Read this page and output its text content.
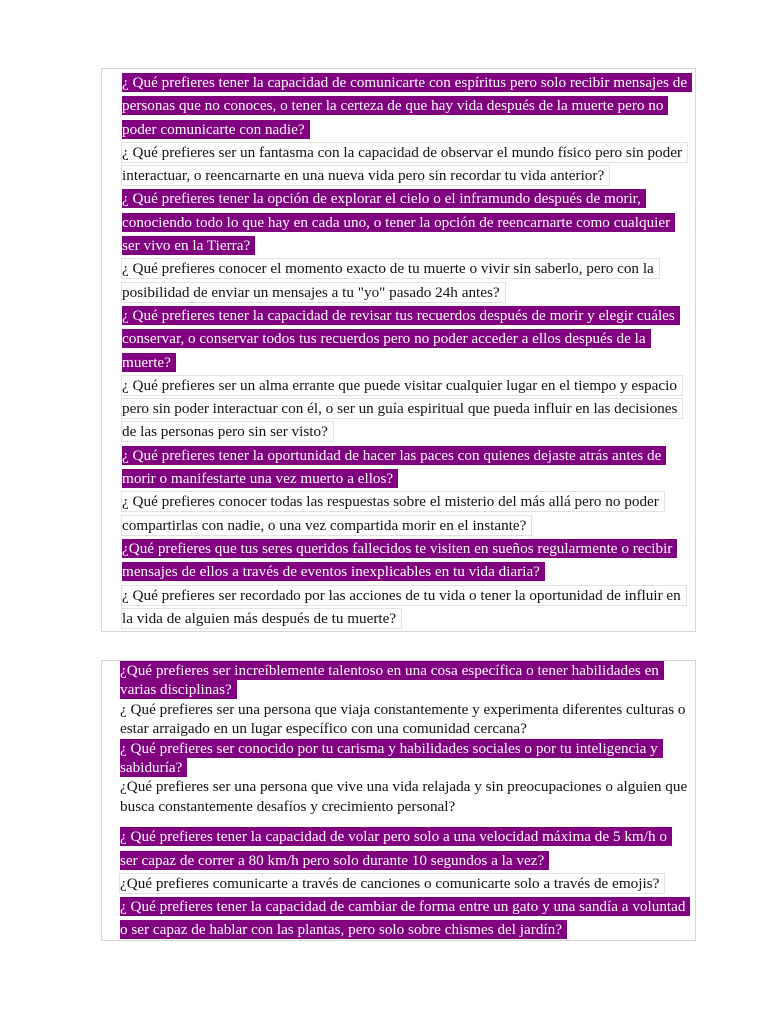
¿ Qué prefieres tener la capacidad de comunicarte con espíritus pero solo recibir mensajes de personas que no conoces, o tener la certeza de que hay vida después de la muerte pero no poder comunicarte con nadie?

¿ Qué prefieres ser un fantasma con la capacidad de observar el mundo físico pero sin poder interactuar, o reencarnarte en una nueva vida pero sin recordar tu vida anterior?

¿ Qué prefieres tener la opción de explorar el cielo o el inframundo después de morir, conociendo todo lo que hay en cada uno, o tener la opción de reencarnarte como cualquier ser vivo en la Tierra?

¿ Qué prefieres conocer el momento exacto de tu muerte o vivir sin saberlo, pero con la posibilidad de enviar un mensajes a tu "yo" pasado 24h antes?

¿ Qué prefieres tener la capacidad de revisar tus recuerdos después de morir y elegir cuáles conservar, o conservar todos tus recuerdos pero no poder acceder a ellos después de la muerte?

¿ Qué prefieres ser un alma errante que puede visitar cualquier lugar en el tiempo y espacio pero sin poder interactuar con él, o ser un guía espiritual que pueda influir en las decisiones de las personas pero sin ser visto?

¿ Qué prefieres tener la oportunidad de hacer las paces con quienes dejaste atrás antes de morir o manifestarte una vez muerto a ellos?

¿ Qué prefieres conocer todas las respuestas sobre el misterio del más allá pero no poder compartirlas con nadie, o una vez compartida morir en el instante?

¿Qué prefieres que tus seres queridos fallecidos te visiten en sueños regularmente o recibir mensajes de ellos a través de eventos inexplicables en tu vida diaria?

¿ Qué prefieres ser recordado por las acciones de tu vida o tener la oportunidad de influir en la vida de alguien más después de tu muerte?

¿Qué prefieres ser increíblemente talentoso en una cosa específica o tener habilidades en varias disciplinas?

¿ Qué prefieres ser una persona que viaja constantemente y experimenta diferentes culturas o estar arraigado en un lugar específico con una comunidad cercana?

¿ Qué prefieres ser conocido por tu carisma y habilidades sociales o por tu inteligencia y sabiduría?

¿Qué prefieres ser una persona que vive una vida relajada y sin preocupaciones o alguien que busca constantemente desafíos y crecimiento personal?

¿ Qué prefieres tener la capacidad de volar pero solo a una velocidad máxima de 5 km/h o ser capaz de correr a 80 km/h pero solo durante 10 segundos a la vez?

¿Qué prefieres comunicarte a través de canciones o comunicarte solo a través de emojis?

¿ Qué prefieres tener la capacidad de cambiar de forma entre un gato y una sandía a voluntad o ser capaz de hablar con las plantas, pero solo sobre chismes del jardín?
